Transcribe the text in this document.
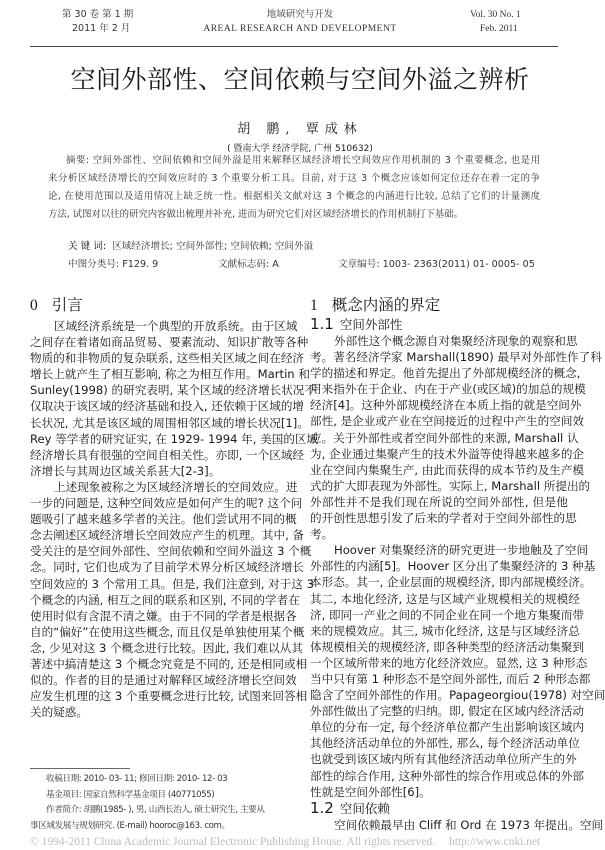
第 30 卷 第 1 期
2011 年 2 月
地域研究与开发
AREAL RESEARCH AND DEVELOPMENT
Vol. 30 No. 1
Feb. 2011
空间外部性、空间依赖与空间外溢之辨析
胡 鹏, 覃成林
( 暨南大学 经济学院, 广州 510632)
摘要: 空间外部性、空间依赖和空间外溢是用来解释区域经济增长空间效应作用机制的 3 个重要概念, 也是用
来分析区域经济增长的空间效应时的 3 个重要分析工具。目前, 对于这 3 个概念应该如何定位还存在着一定的争
论, 在使用范围以及适用情况上缺乏统一性。根据相关文献对这 3 个概念的内涵进行比较, 总结了它们的计量测度
方法, 试图对以往的研究内容做出梳理并补充, 进而为研究它们对区域经济增长的作用机制打下基础。
关 键 词: 区域经济增长; 空间外部性; 空间依赖; 空间外溢
中图分类号: F129. 9	文献标志码: A	文章编号: 1003- 2363(2011) 01- 0005- 05
0 引言	1 概念内涵的界定
区域经济系统是一个典型的开放系统。由于区域
之间存在着诸如商品贸易、要素流动、知识扩散等各种
物质的和非物质的复杂联系, 这些相关区域之间在经济
增长上就产生了相互影响, 称之为相互作用。Martin 和
Sunley(1998) 的研究表明, 某个区域的经济增长状况不
仅取决于该区域的经济基础和投入, 还依赖于区域的增
长状况, 尤其是该区域的周围相邻区域的增长状况[1]。
Rey 等学者的研究证实, 在 1929- 1994 年, 美国的区域
经济增长具有很强的空间自相关性。亦即, 一个区域经
济增长与其周边区域关系甚大[2-3]。
上述现象被称之为区域经济增长的空间效应。进
一步的问题是, 这种空间效应是如何产生的呢? 这个问
题吸引了越来越多学者的关注。他们尝试用不同的概
念去阐述区域经济增长空间效应产生的机理。其中, 备
受关注的是空间外部性、空间依赖和空间外溢这 3 个概
念。同时, 它们也成为了目前学术界分析区域经济增长
空间效应的 3 个常用工具。但是, 我们注意到, 对于这 3
个概念的内涵, 相互之间的联系和区别, 不同的学者在
使用时似有含混不清之嫌。由于不同的学者是根据各
自的“偏好”在使用这些概念, 而且仅是单独使用某个概
念, 少见对这 3 个概念进行比较。因此, 我们难以从其
著述中搞清楚这 3 个概念究竟是不同的, 还是相同或相
似的。作者的目的是通过对解释区域经济增长空间效
应发生机理的这 3 个重要概念进行比较, 试图来回答相
关的疑惑。
1.1 空间外部性
外部性这个概念源自对集聚经济现象的观察和思
考。著名经济学家 Marshall(1890) 最早对外部性作了科
学的描述和界定。他首先提出了外部规模经济的概念,
用来指外在于企业、内在于产业(或区域)的加总的规模
经济[4]。这种外部规模经济在本质上指的就是空间外
部性, 是企业或产业在空间接近的过程中产生的空间效
应。关于外部性或者空间外部性的来源, Marshall 认
为, 企业通过集聚产生的技术外溢等使得越来越多的企
业在空间内集聚生产, 由此而获得的成本节约及生产模
式的扩大即表现为外部性。实际上, Marshall 所提出的
外部性并不是我们现在所说的空间外部性, 但是他
的开创性思想引发了后来的学者对于空间外部性的思
考。
Hoover 对集聚经济的研究更进一步地触及了空间
外部性的内涵[5]。Hoover 区分出了集聚经济的 3 种基
本形态。其一, 企业层面的规模经济, 即内部规模经济。
其二, 本地化经济, 这是与区域产业规模相关的规模经
济, 即同一产业之间的不同企业在同一个地方集聚而带
来的规模效应。其三, 城市化经济, 这是与区域经济总
体规模相关的规模经济, 即各种类型的经济活动集聚到
一个区域所带来的地方化经济效应。显然, 这 3 种形态
当中只有第 1 种形态不是空间外部性, 而后 2 种形态都
隐含了空间外部性的作用。Papageorgiou(1978) 对空间
外部性做出了完整的归纳。即, 假定在区域内经济活动
单位的分布一定, 每个经济单位都产生出影响该区域内
其他经济活动单位的外部性, 那么, 每个经济活动单位
也就受到该区域内所有其他经济活动单位所产生的外
部性的综合作用, 这种外部性的综合作用或总体的外部
性就是空间外部性[6]。
1.2 空间依赖
空间依赖最早由 Cliff 和 Ord 在 1973 年提出。空间
收稿日期: 2010- 03- 11; 修回日期: 2010- 12- 03
基金项目: 国家自然科学基金项目 (40771055)
作者简介: 胡鹏(1985- ), 男, 山西长治人, 硕士研究生, 主要从
事区域发展与规划研究. (E-mail) hooroc@163. com。
© 1994-2011 China Academic Journal Electronic Publishing House. All rights reserved. http://www.cnki.net
